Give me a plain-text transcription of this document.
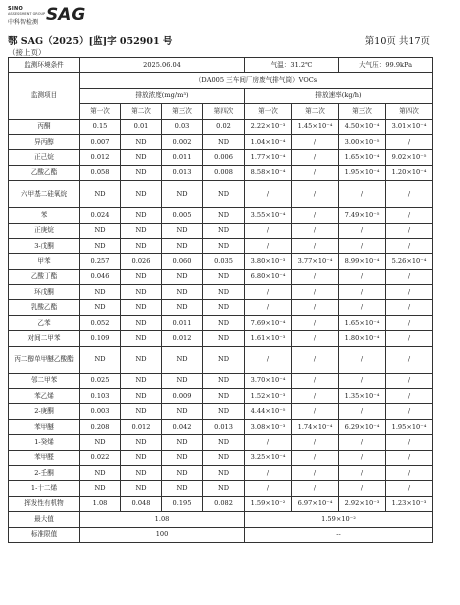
SINO
ASSESSMENT GROUP
中科智检测 SAG
鄂 SAG（2025）[监]字 052901 号	第10页 共17页
（接上页）
监测环境条件	2025.06.04				气温：31.2℃		大气压：99.9kPa	
监测项目	（DA005 三车间厂房废气排气筒）VOCs							
	排放浓度(mg/m³)				排放速率(kg/h)			
	第一次	第二次	第三次	第四次	第一次	第二次	第三次	第四次
丙酮	0.15	0.01	0.03	0.02	2.22×10⁻³	1.45×10⁻⁴	4.50×10⁻⁴	3.01×10⁻⁴
异丙醇	0.007	ND	0.002	ND	1.04×10⁻⁴	/	3.00×10⁻⁵	/
正己烷	0.012	ND	0.011	0.006	1.77×10⁻⁴	/	1.65×10⁻⁴	9.02×10⁻⁵
乙酸乙酯	0.058	ND	0.013	0.008	8.58×10⁻⁴	/	1.95×10⁻⁴	1.20×10⁻⁴
六甲基二硅氧烷	ND	ND	ND	ND	/	/	/	/
苯	0.024	ND	0.005	ND	3.55×10⁻⁴	/	7.49×10⁻⁵	/
正庚烷	ND	ND	ND	ND	/	/	/	/
3-戊酮	ND	ND	ND	ND	/	/	/	/
甲苯	0.257	0.026	0.060	0.035	3.80×10⁻³	3.77×10⁻⁴	8.99×10⁻⁴	5.26×10⁻⁴
乙酸丁酯	0.046	ND	ND	ND	6.80×10⁻⁴	/	/	/
环戊酮	ND	ND	ND	ND	/	/	/	/
乳酸乙酯	ND	ND	ND	ND	/	/	/	/
乙苯	0.052	ND	0.011	ND	7.69×10⁻⁴	/	1.65×10⁻⁴	/
对间二甲苯	0.109	ND	0.012	ND	1.61×10⁻³	/	1.80×10⁻⁴	/
丙二醇单甲醚乙酸酯	ND	ND	ND	ND	/	/	/	/
邻二甲苯	0.025	ND	ND	ND	3.70×10⁻⁴	/	/	/
苯乙烯	0.103	ND	0.009	ND	1.52×10⁻³	/	1.35×10⁻⁴	/
2-庚酮	0.003	ND	ND	ND	4.44×10⁻⁵	/	/	/
苯甲醚	0.208	0.012	0.042	0.013	3.08×10⁻³	1.74×10⁻⁴	6.29×10⁻⁴	1.95×10⁻⁴
1-癸烯	ND	ND	ND	ND	/	/	/	/
苯甲醛	0.022	ND	ND	ND	3.25×10⁻⁴	/	/	/
2-壬酮	ND	ND	ND	ND	/	/	/	/
1-十二烯	ND	ND	ND	ND	/	/	/	/
挥发性有机物	1.08	0.048	0.195	0.082	1.59×10⁻²	6.97×10⁻⁴	2.92×10⁻³	1.23×10⁻³
最大值	1.08				1.59×10⁻²			
标准限值	100				--			
